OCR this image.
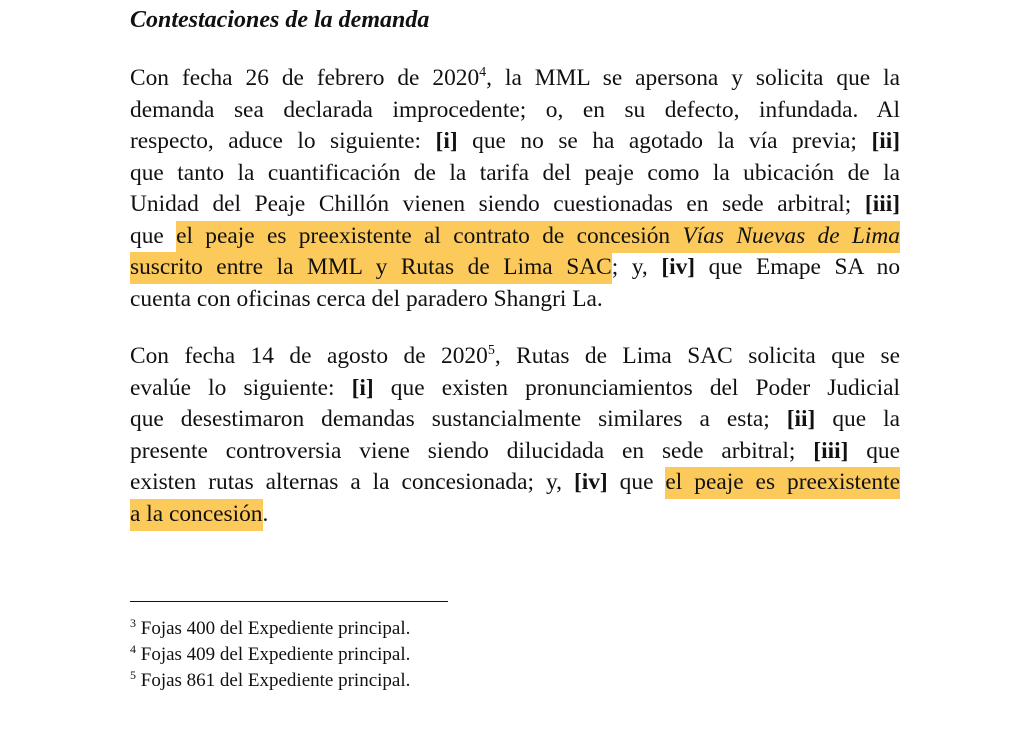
Contestaciones de la demanda
Con fecha 26 de febrero de 2020$^4$, la MML se apersona y solicita que la
demanda sea declarada improcedente; o, en su defecto, infundada. Al
respecto, aduce lo siguiente: [i] que no se ha agotado la vía previa; [ii]
que tanto la cuantificación de la tarifa del peaje como la ubicación de la
Unidad del Peaje Chillón vienen siendo cuestionadas en sede arbitral; [iii]
que el peaje es preexistente al contrato de concesión Vías Nuevas de Lima
suscrito entre la MML y Rutas de Lima SAC; y, [iv] que Emape SA no
cuenta con oficinas cerca del paradero Shangri La.
Con fecha 14 de agosto de 2020$^5$, Rutas de Lima SAC solicita que se
evalúe lo siguiente: [i] que existen pronunciamientos del Poder Judicial
que desestimaron demandas sustancialmente similares a esta; [ii] que la
presente controversia viene siendo dilucidada en sede arbitral; [iii] que
existen rutas alternas a la concesionada; y, [iv] que el peaje es preexistente
a la concesión.
$^3$ Fojas 400 del Expediente principal.
$^4$ Fojas 409 del Expediente principal.
$^5$ Fojas 861 del Expediente principal.
